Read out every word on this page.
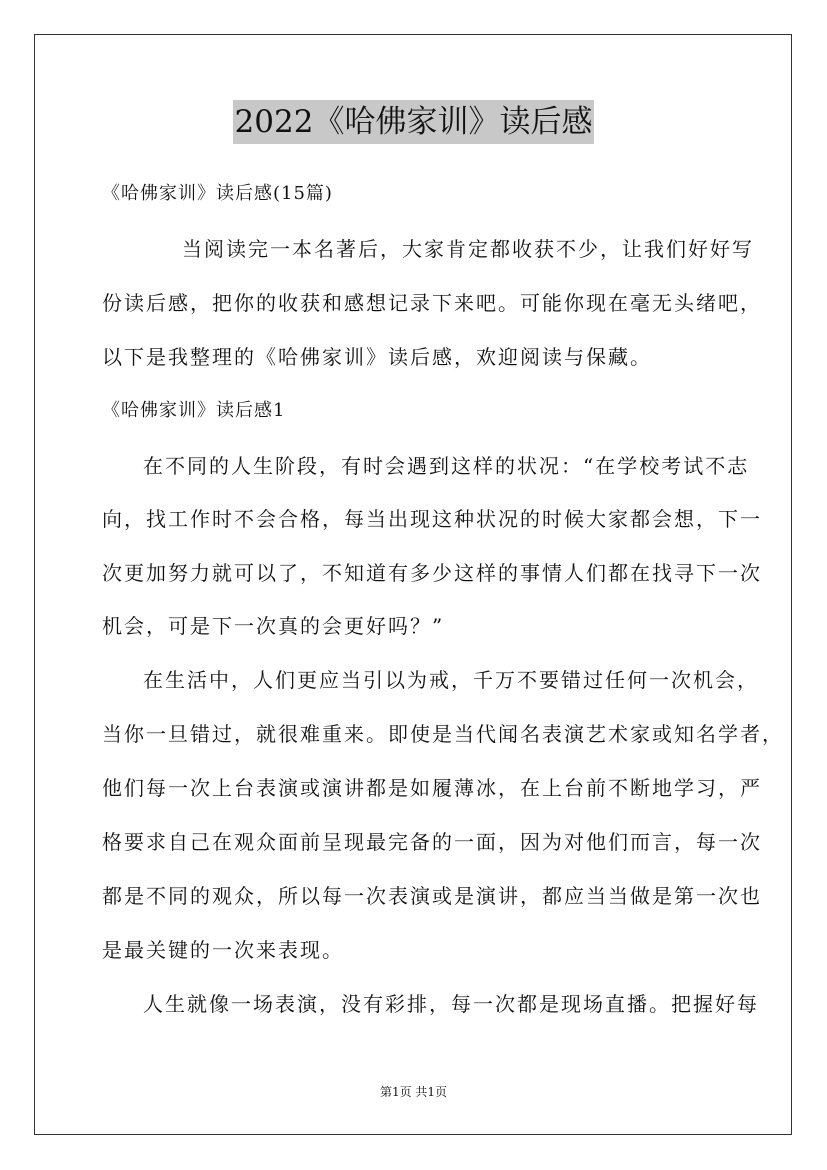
2022《哈佛家训》读后感
《哈佛家训》读后感(15篇)
当阅读完一本名著后，大家肯定都收获不少，让我们好好写
份读后感，把你的收获和感想记录下来吧。可能你现在毫无头绪吧，
以下是我整理的《哈佛家训》读后感，欢迎阅读与保藏。
《哈佛家训》读后感1
在不同的人生阶段，有时会遇到这样的状况：“在学校考试不志
向，找工作时不会合格，每当出现这种状况的时候大家都会想，下一
次更加努力就可以了，不知道有多少这样的事情人们都在找寻下一次
机会，可是下一次真的会更好吗？”
在生活中，人们更应当引以为戒，千万不要错过任何一次机会，
当你一旦错过，就很难重来。即使是当代闻名表演艺术家或知名学者，
他们每一次上台表演或演讲都是如履薄冰，在上台前不断地学习，严
格要求自己在观众面前呈现最完备的一面，因为对他们而言，每一次
都是不同的观众，所以每一次表演或是演讲，都应当当做是第一次也
是最关键的一次来表现。
人生就像一场表演，没有彩排，每一次都是现场直播。把握好每
第1页 共1页
